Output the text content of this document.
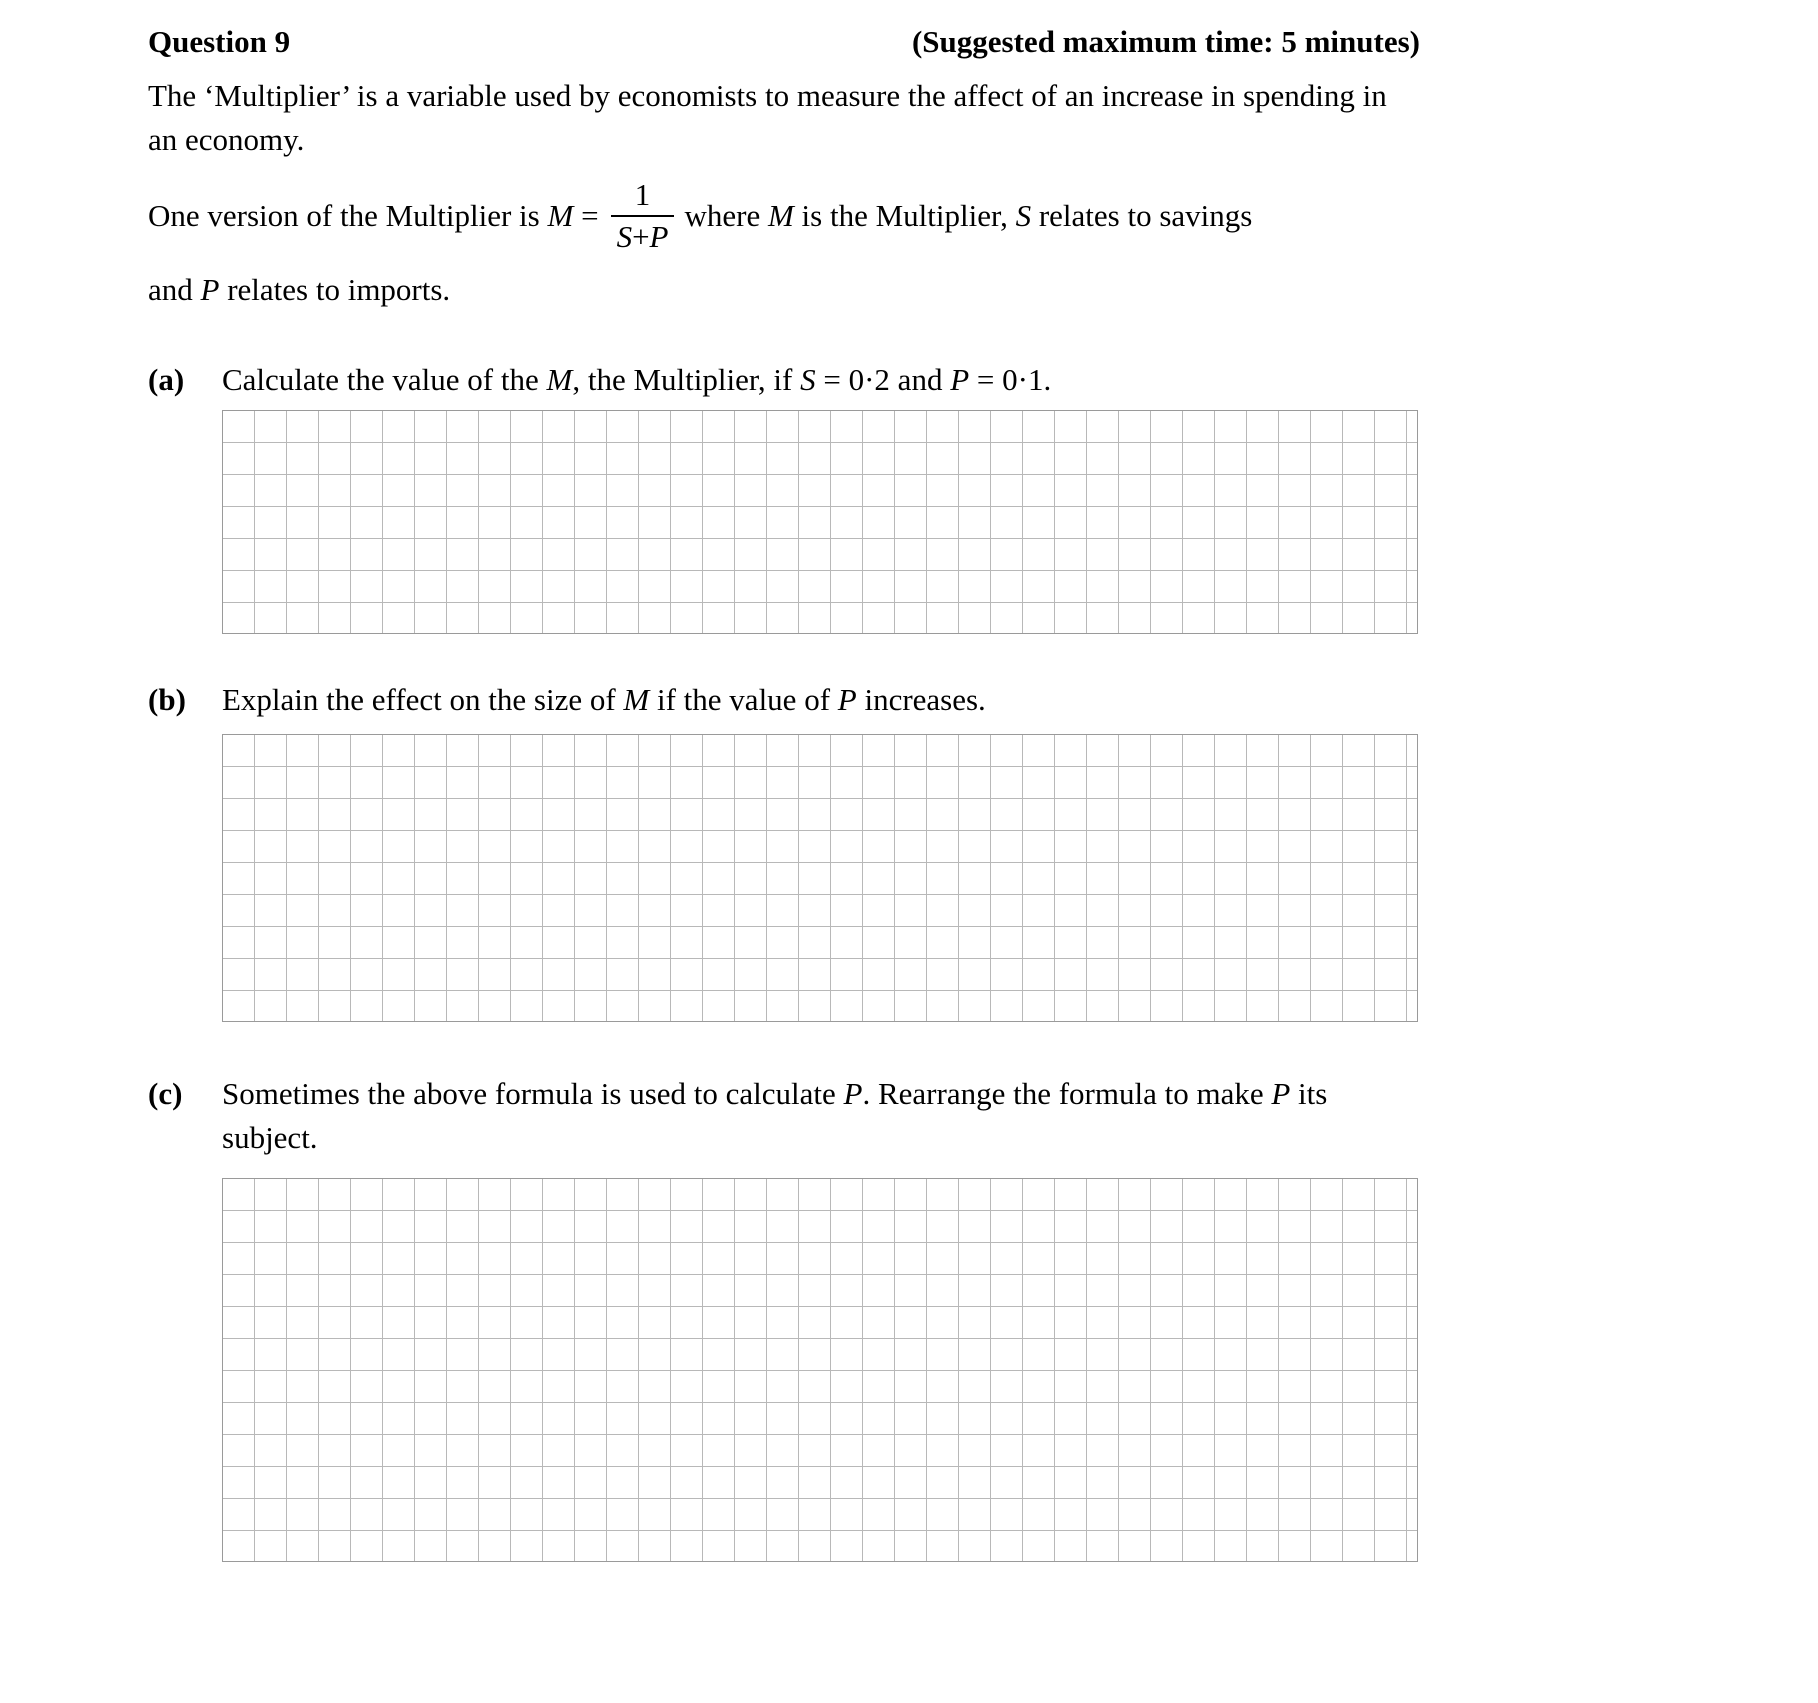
Question 9	(Suggested maximum time: 5 minutes)

The ‘Multiplier’ is a variable used by economists to measure the affect of an increase in spending in an economy.

One version of the Multiplier is $M = \frac{1}{S+P}$ where M is the Multiplier, S relates to savings

and P relates to imports.

(a)	Calculate the value of the M, the Multiplier, if S = 0·2 and P = 0·1.
(b)	Explain the effect on the size of M if the value of P increases.
(c)	Sometimes the above formula is used to calculate P. Rearrange the formula to make P its subject.
